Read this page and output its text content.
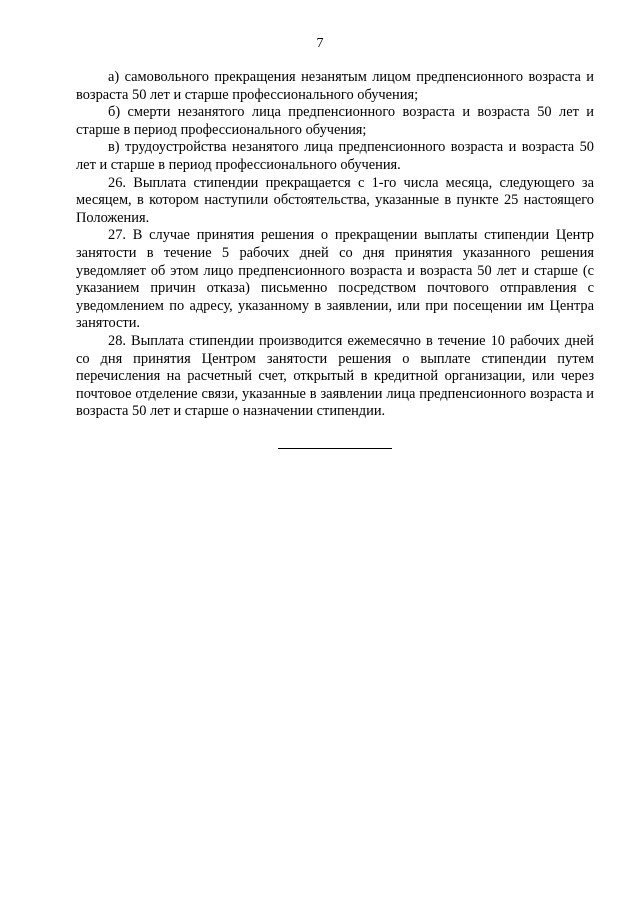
7

а) самовольного прекращения незанятым лицом предпенсионного возраста и возраста 50 лет и старше профессионального обучения;

б) смерти незанятого лица предпенсионного возраста и возраста 50 лет и старше в период профессионального обучения;

в) трудоустройства незанятого лица предпенсионного возраста и возраста 50 лет и старше в период профессионального обучения.

26. Выплата стипендии прекращается с 1-го числа месяца, следующего за месяцем, в котором наступили обстоятельства, указанные в пункте 25 настоящего Положения.

27. В случае принятия решения о прекращении выплаты стипендии Центр занятости в течение 5 рабочих дней со дня принятия указанного решения уведомляет об этом лицо предпенсионного возраста и возраста 50 лет и старше (с указанием причин отказа) письменно посредством почтового отправления с уведомлением по адресу, указанному в заявлении, или при посещении им Центра занятости.

28. Выплата стипендии производится ежемесячно в течение 10 рабочих дней со дня принятия Центром занятости решения о выплате стипендии путем перечисления на расчетный счет, открытый в кредитной организации, или через почтовое отделение связи, указанные в заявлении лица предпенсионного возраста и возраста 50 лет и старше о назначении стипендии.
